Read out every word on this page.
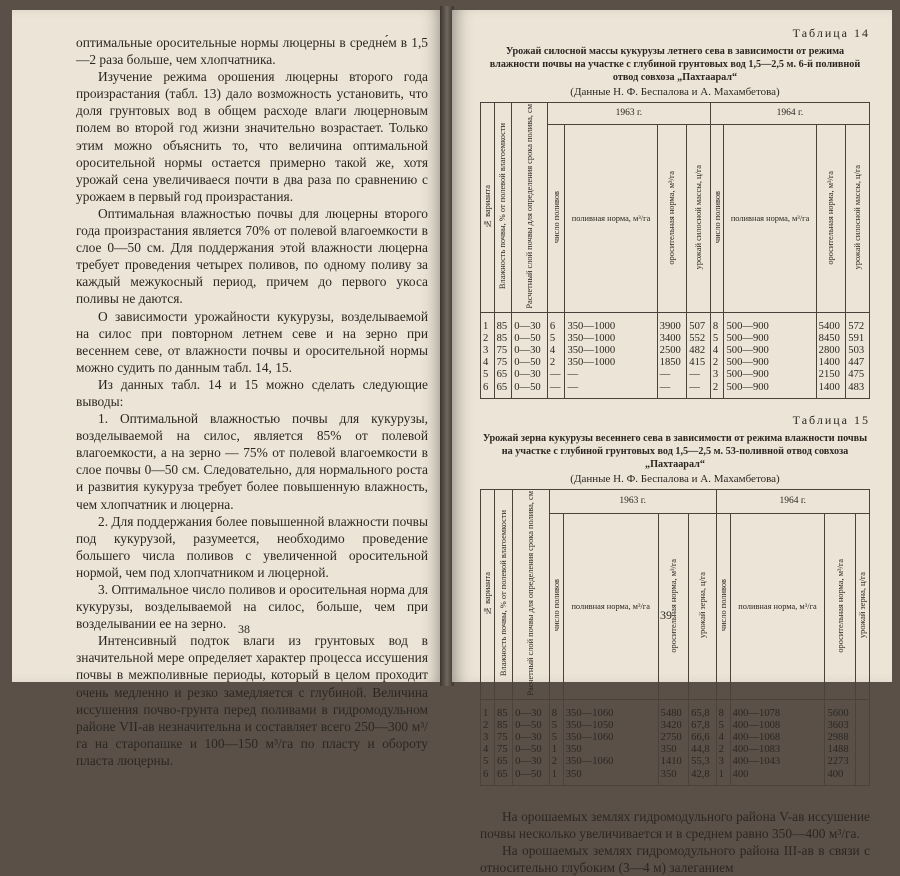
оптимальные оросительные нормы люцерны в средне́м в 1,5—2 раза больше, чем хлопчатника.

Изучение режима орошения люцерны второго года произрастания (табл. 13) дало возможность установить, что доля грунтовых вод в общем расходе влаги люцерновым полем во второй год жизни значительно возрастает. Только этим можно объяснить то, что величина оптимальной оросительной нормы остается примерно такой же, хотя урожай сена увеличиваеся почти в два раза по сравнению с урожаем в первый год произрастания.

Оптимальная влажностью почвы для люцерны второго года произрастания является 70% от полевой влагоемкости в слое 0—50 см. Для поддержания этой влажности люцерна требует проведения четырех поливов, по одному поливу за каждый межукосный период, причем до первого укоса поливы не даются.

О зависимости урожайности кукурузы, возделываемой на силос при повторном летнем севе и на зерно при весеннем севе, от влажности почвы и оросительной нормы можно судить по данным табл. 14, 15.

Из данных табл. 14 и 15 можно сделать следующие выводы:

1. Оптимальной влажностью почвы для кукурузы, возделываемой на силос, является 85% от полевой влагоемкости, а на зерно — 75% от полевой влагоемкости в слое почвы 0—50 см. Следовательно, для нормального роста и развития кукуруза требует более повышенную влажность, чем хлопчатник и люцерна.

2. Для поддержания более повышенной влажности почвы под кукурузой, разумеется, необходимо проведение большего числа поливов с увеличенной оросительной нормой, чем под хлопчатником и люцерной.

3. Оптимальное число поливов и оросительная норма для кукурузы, возделываемой на силос, больше, чем при возделывании ее на зерно.

Интенсивный подток влаги из грунтовых вод в значительной мере определяет характер процесса иссушения почвы в межполивные периоды, который в целом проходит очень медленно и резко замедляется с глубиной. Величина иссушения почво-грунта перед поливами в гидромодульном районе VII-ав незначительна и составляет всего 250—300 м³/га на старопашке и 100—150 м³/га по пласту и обороту пласта люцерны.

38

Таблица 14

Урожай силосной массы кукурузы летнего сева в зависимости от режима влажности почвы на участке с глубиной грунтовых вод 1,5—2,5 м. 6-й поливной отвод совхоза „Пахтаарал“

(Данные Н. Ф. Беспалова и А. Махамбетова)

№ варианта	Влажность почвы, % от полевой влагоемкости	Расчетный слой почвы для определения срока полива, см	1963 г.				1964 г.			
			число поливов	поливная норма, м³/га	оросительная норма, м³/га	урожай силосной массы, ц/га	число поливов	поливная норма, м³/га	оросительная норма, м³/га	урожай силосной массы, ц/га
1	85	0—30	6	350—1000	3900	507	8	500—900	5400	572
2	85	0—50	5	350—1000	3400	552	5	500—900	8450	591
3	75	0—30	4	350—1000	2500	482	4	500—900	2800	503
4	75	0—50	2	350—1000	1850	415	2	500—900	1400	447
5	65	0—30	—	—	—	—	3	500—900	2150	475
6	65	0—50	—	—	—	—	2	500—900	1400	483

Таблица 15

Урожай зерна кукурузы весеннего сева в зависимости от режима влажности почвы на участке с глубиной грунтовых вод 1,5—2,5 м. 53-поливной отвод совхоза „Пахтаарал“

(Данные Н. Ф. Беспалова и А. Махамбетова)

№ варианта	Влажность почвы, % от полевой влагоемкости	Расчетный слой почвы для определения срока полива, см	1963 г.				1964 г.			
			число поливов	поливная норма, м³/га	оросительная норма, м³/га	урожай зерна, ц/га	число поливов	поливная норма, м³/га	оросительная норма, м³/га	урожай зерна, ц/га
1	85	0—30	8	350—1060	5480	65,8	8	400—1078	5600	
2	85	0—50	5	350—1050	3420	67,8	5	400—1008	3603	
3	75	0—30	5	350—1060	2750	66,6	4	400—1068	2988	
4	75	0—50	1	350	350	44,8	2	400—1083	1488	
5	65	0—30	2	350—1060	1410	55,3	3	400—1043	2273	
6	65	0—50	1	350	350	42,8	1	400	400	

На орошаемых землях гидромодульного района V-ав иссушение почвы несколько увеличивается и в среднем равно 350—400 м³/га.

На орошаемых землях гидромодульного района III-ав в связи с относительно глубоким (3—4 м) залеганием

39
